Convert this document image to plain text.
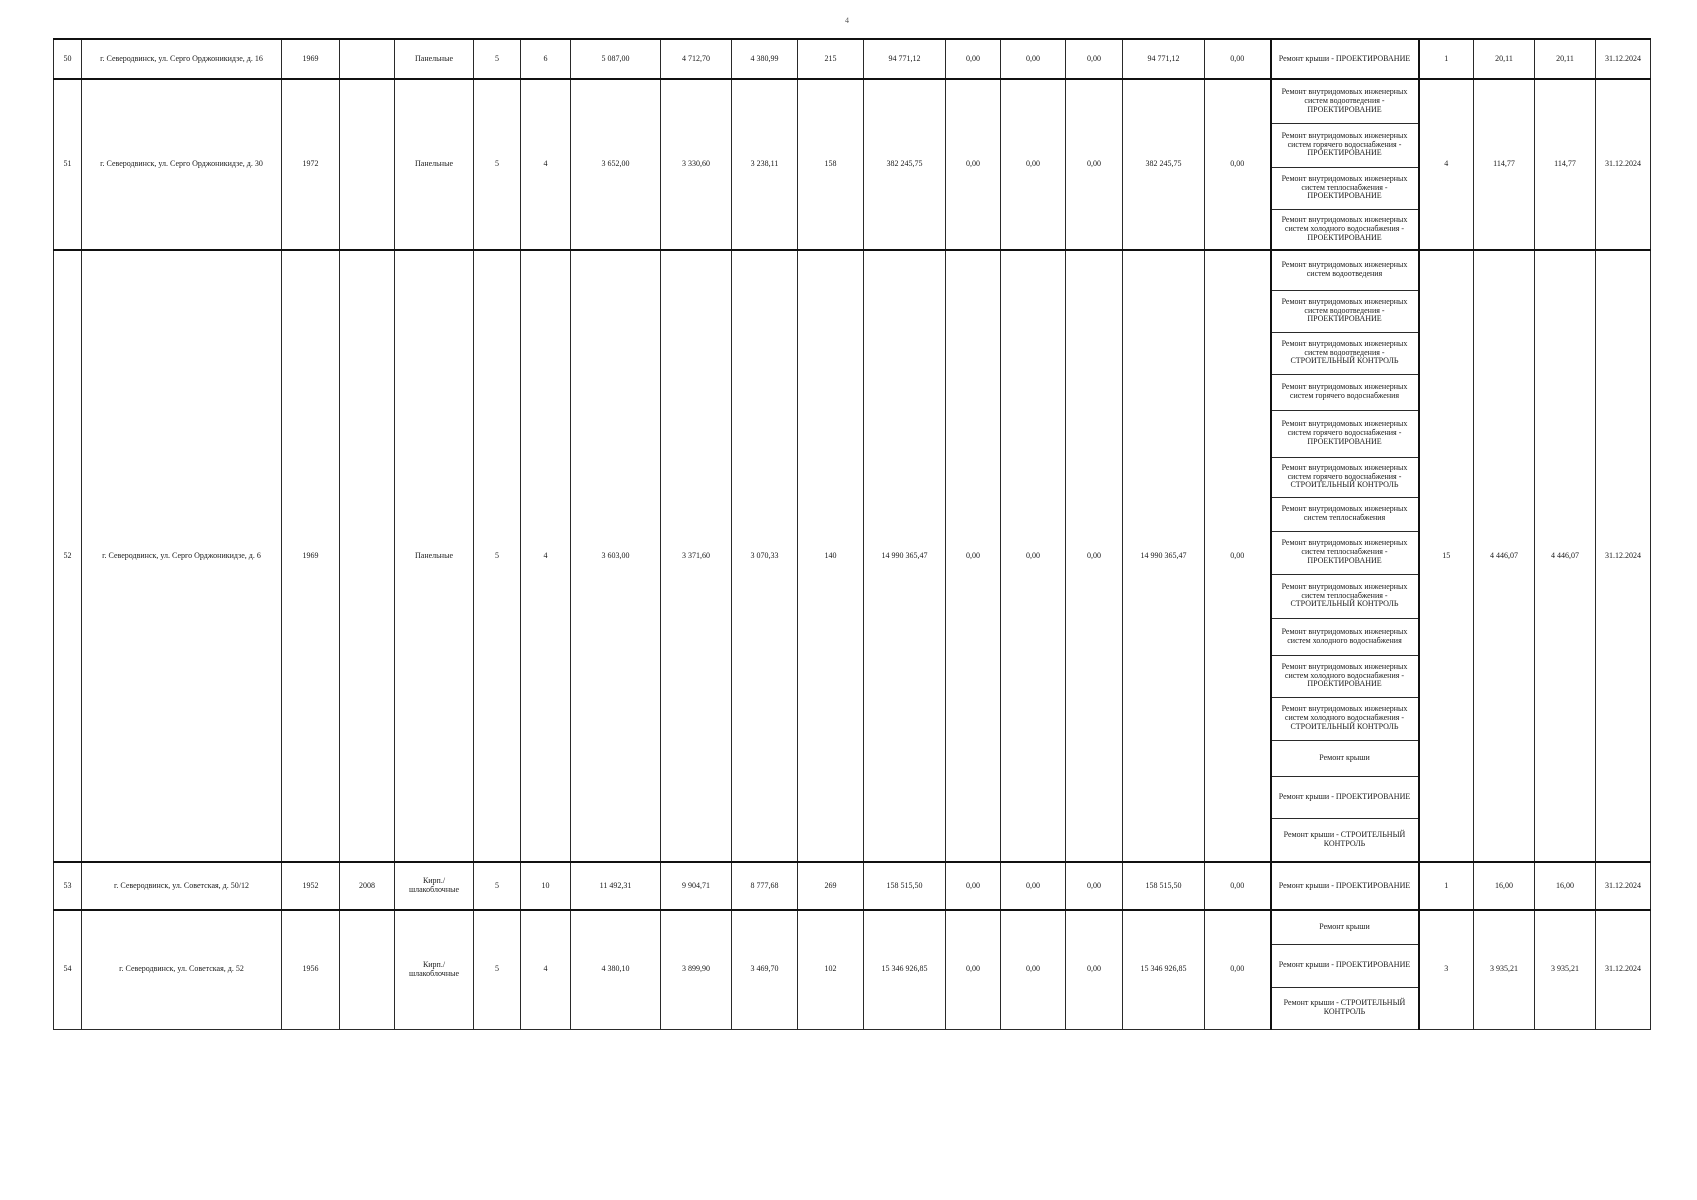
4
50	г. Северодвинск, ул. Серго Орджоникидзе, д. 16	1969		Панельные	5	6	5 087,00	4 712,70	4 380,99	215	94 771,12	0,00	0,00	0,00	94 771,12	0,00	Ремонт крыши - ПРОЕКТИРОВАНИЕ	1	20,11	20,11	31.12.2024
51	г. Северодвинск, ул. Серго Орджоникидзе, д. 30	1972		Панельные	5	4	3 652,00	3 330,60	3 238,11	158	382 245,75	0,00	0,00	0,00	382 245,75	0,00	Ремонт внутридомовых инженерных систем водоотведения - ПРОЕКТИРОВАНИЕ	4	114,77	114,77	31.12.2024
																	Ремонт внутридомовых инженерных систем горячего водоснабжения - ПРОЕКТИРОВАНИЕ				
																	Ремонт внутридомовых инженерных систем теплоснабжения - ПРОЕКТИРОВАНИЕ				
																	Ремонт внутридомовых инженерных систем холодного водоснабжения - ПРОЕКТИРОВАНИЕ				
52	г. Северодвинск, ул. Серго Орджоникидзе, д. 6	1969		Панельные	5	4	3 603,00	3 371,60	3 070,33	140	14 990 365,47	0,00	0,00	0,00	14 990 365,47	0,00	Ремонт внутридомовых инженерных систем водоотведения	15	4 446,07	4 446,07	31.12.2024
																	Ремонт внутридомовых инженерных систем водоотведения - ПРОЕКТИРОВАНИЕ				
																	Ремонт внутридомовых инженерных систем водоотведения - СТРОИТЕЛЬНЫЙ КОНТРОЛЬ				
																	Ремонт внутридомовых инженерных систем горячего водоснабжения				
																	Ремонт внутридомовых инженерных систем горячего водоснабжения - ПРОЕКТИРОВАНИЕ				
																	Ремонт внутридомовых инженерных систем горячего водоснабжения - СТРОИТЕЛЬНЫЙ КОНТРОЛЬ				
																	Ремонт внутридомовых инженерных систем теплоснабжения				
																	Ремонт внутридомовых инженерных систем теплоснабжения - ПРОЕКТИРОВАНИЕ				
																	Ремонт внутридомовых инженерных систем теплоснабжения - СТРОИТЕЛЬНЫЙ КОНТРОЛЬ				
																	Ремонт внутридомовых инженерных систем холодного водоснабжения				
																	Ремонт внутридомовых инженерных систем холодного водоснабжения - ПРОЕКТИРОВАНИЕ				
																	Ремонт внутридомовых инженерных систем холодного водоснабжения - СТРОИТЕЛЬНЫЙ КОНТРОЛЬ				
																	Ремонт крыши				
																	Ремонт крыши - ПРОЕКТИРОВАНИЕ				
																	Ремонт крыши - СТРОИТЕЛЬНЫЙ КОНТРОЛЬ				
53	г. Северодвинск, ул. Советская, д. 50/12	1952	2008	Кирп./ шлакоблочные	5	10	11 492,31	9 904,71	8 777,68	269	158 515,50	0,00	0,00	0,00	158 515,50	0,00	Ремонт крыши - ПРОЕКТИРОВАНИЕ	1	16,00	16,00	31.12.2024
54	г. Северодвинск, ул. Советская, д. 52	1956		Кирп./ шлакоблочные	5	4	4 380,10	3 899,90	3 469,70	102	15 346 926,85	0,00	0,00	0,00	15 346 926,85	0,00	Ремонт крыши	3	3 935,21	3 935,21	31.12.2024
																	Ремонт крыши - ПРОЕКТИРОВАНИЕ				
																	Ремонт крыши - СТРОИТЕЛЬНЫЙ КОНТРОЛЬ				
